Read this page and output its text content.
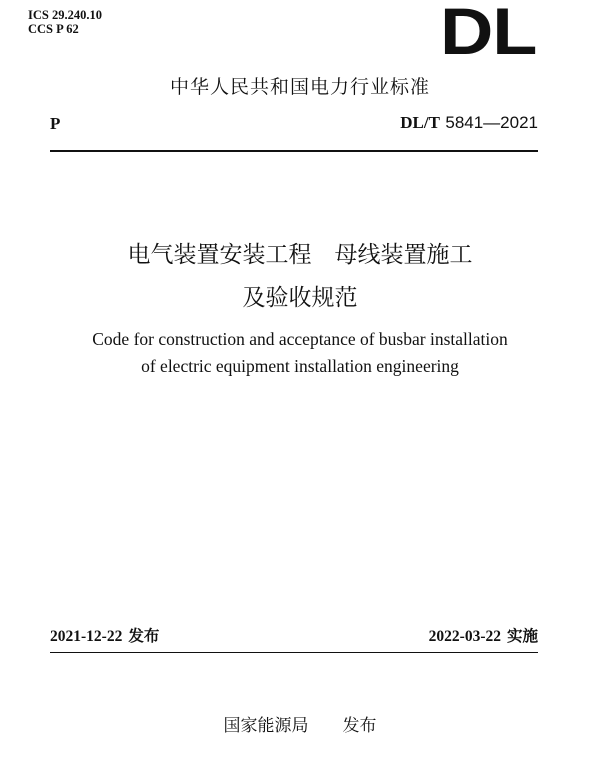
ICS 29.240.10
CCS P 62	DL
中华人民共和国电力行业标准
P	DL/T 5841—2021
电气装置安装工程　母线装置施工
及验收规范
Code for construction and acceptance of busbar installation
of electric equipment installation engineering
2021-12-22 发布	2022-03-22 实施
国家能源局　　发布
